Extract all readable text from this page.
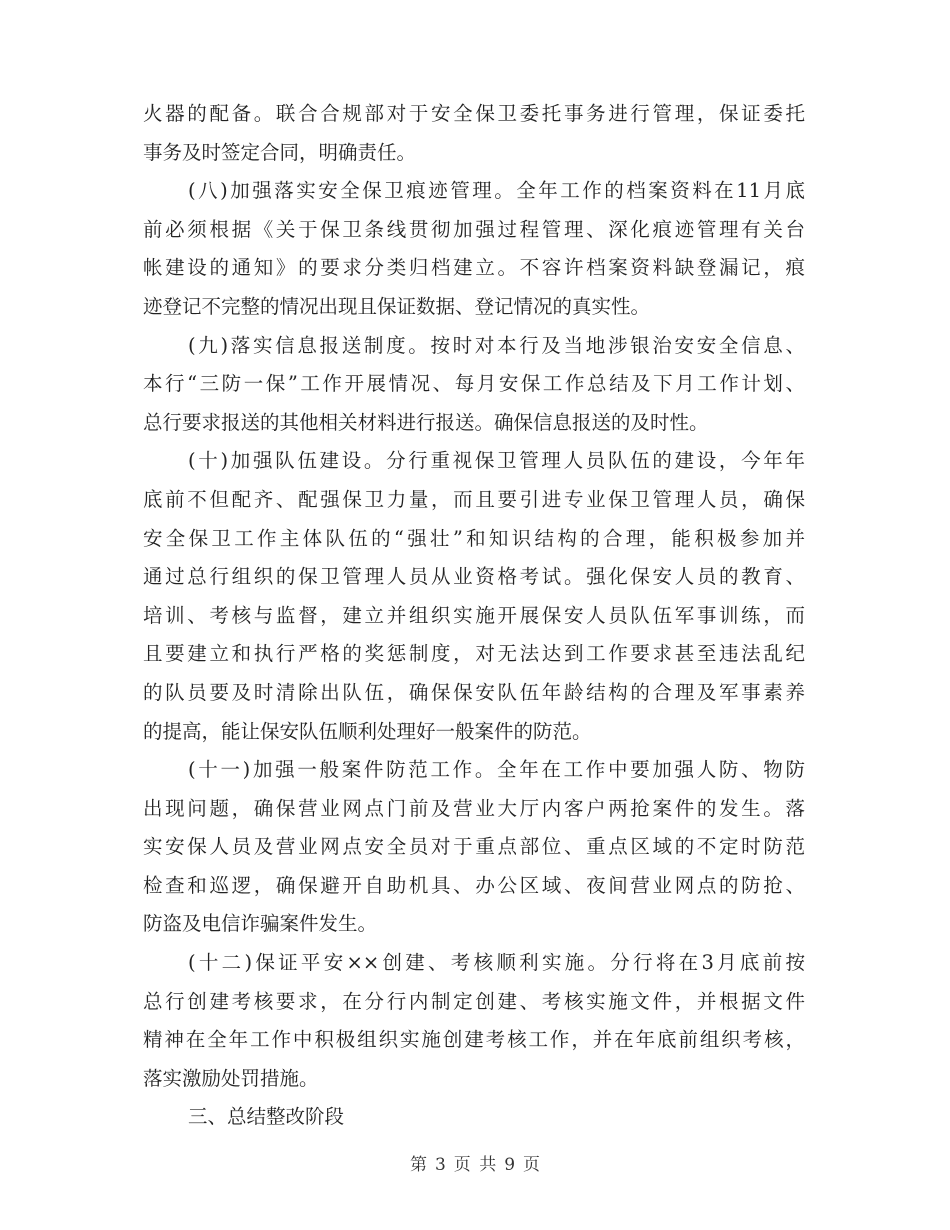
火器的配备。联合合规部对于安全保卫委托事务进行管理，保证委托
事务及时签定合同，明确责任。
(八)加强落实安全保卫痕迹管理。全年工作的档案资料在11月底
前必须根据《关于保卫条线贯彻加强过程管理、深化痕迹管理有关台
帐建设的通知》的要求分类归档建立。不容许档案资料缺登漏记，痕
迹登记不完整的情况出现且保证数据、登记情况的真实性。
(九)落实信息报送制度。按时对本行及当地涉银治安安全信息、
本行“三防一保”工作开展情况、每月安保工作总结及下月工作计划、
总行要求报送的其他相关材料进行报送。确保信息报送的及时性。
(十)加强队伍建设。分行重视保卫管理人员队伍的建设，今年年
底前不但配齐、配强保卫力量，而且要引进专业保卫管理人员，确保
安全保卫工作主体队伍的“强壮”和知识结构的合理，能积极参加并
通过总行组织的保卫管理人员从业资格考试。强化保安人员的教育、
培训、考核与监督，建立并组织实施开展保安人员队伍军事训练，而
且要建立和执行严格的奖惩制度，对无法达到工作要求甚至违法乱纪
的队员要及时清除出队伍，确保保安队伍年龄结构的合理及军事素养
的提高，能让保安队伍顺利处理好一般案件的防范。
(十一)加强一般案件防范工作。全年在工作中要加强人防、物防
出现问题，确保营业网点门前及营业大厅内客户两抢案件的发生。落
实安保人员及营业网点安全员对于重点部位、重点区域的不定时防范
检查和巡逻，确保避开自助机具、办公区域、夜间营业网点的防抢、
防盗及电信诈骗案件发生。
(十二)保证平安××创建、考核顺利实施。分行将在3月底前按
总行创建考核要求，在分行内制定创建、考核实施文件，并根据文件
精神在全年工作中积极组织实施创建考核工作，并在年底前组织考核，
落实激励处罚措施。
三、总结整改阶段
第 3 页 共 9 页
